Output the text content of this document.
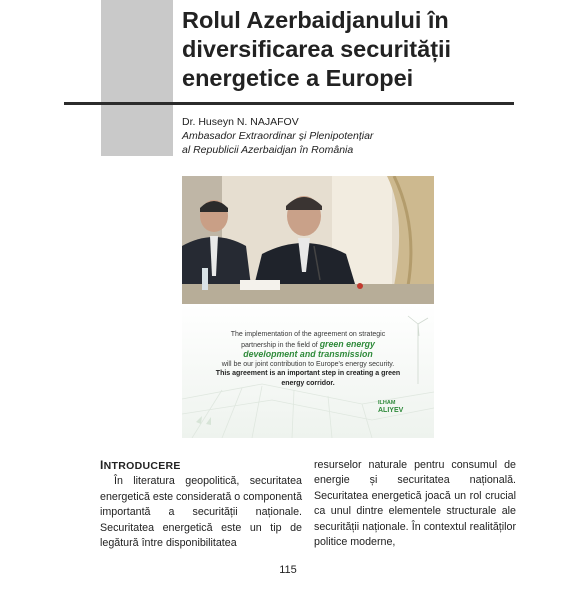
Rolul Azerbaidjanului în diversificarea securității energetice a Europei
Dr. Huseyn N. NAJAFOV
Ambasador Extraordinar și Plenipotențiar
al Republicii Azerbaidjan în România
The implementation of the agreement on strategic
partnership in the field of green energy
development and transmission
will be our joint contribution to Europe's energy security.
This agreement is an important step in creating a green
energy corridor.
ILHAM
ALIYEV
INTRODUCERE

În literatura geopolitică, securitatea energetică este considerată o componentă importantă a securității naționale. Securitatea energetică este un tip de legătură între disponibilitatea

resurselor naturale pentru consumul de energie și securitatea națională. Securitatea energetică joacă un rol crucial ca unul dintre elementele structurale ale securității naționale. În contextul realităților politice moderne,

115
